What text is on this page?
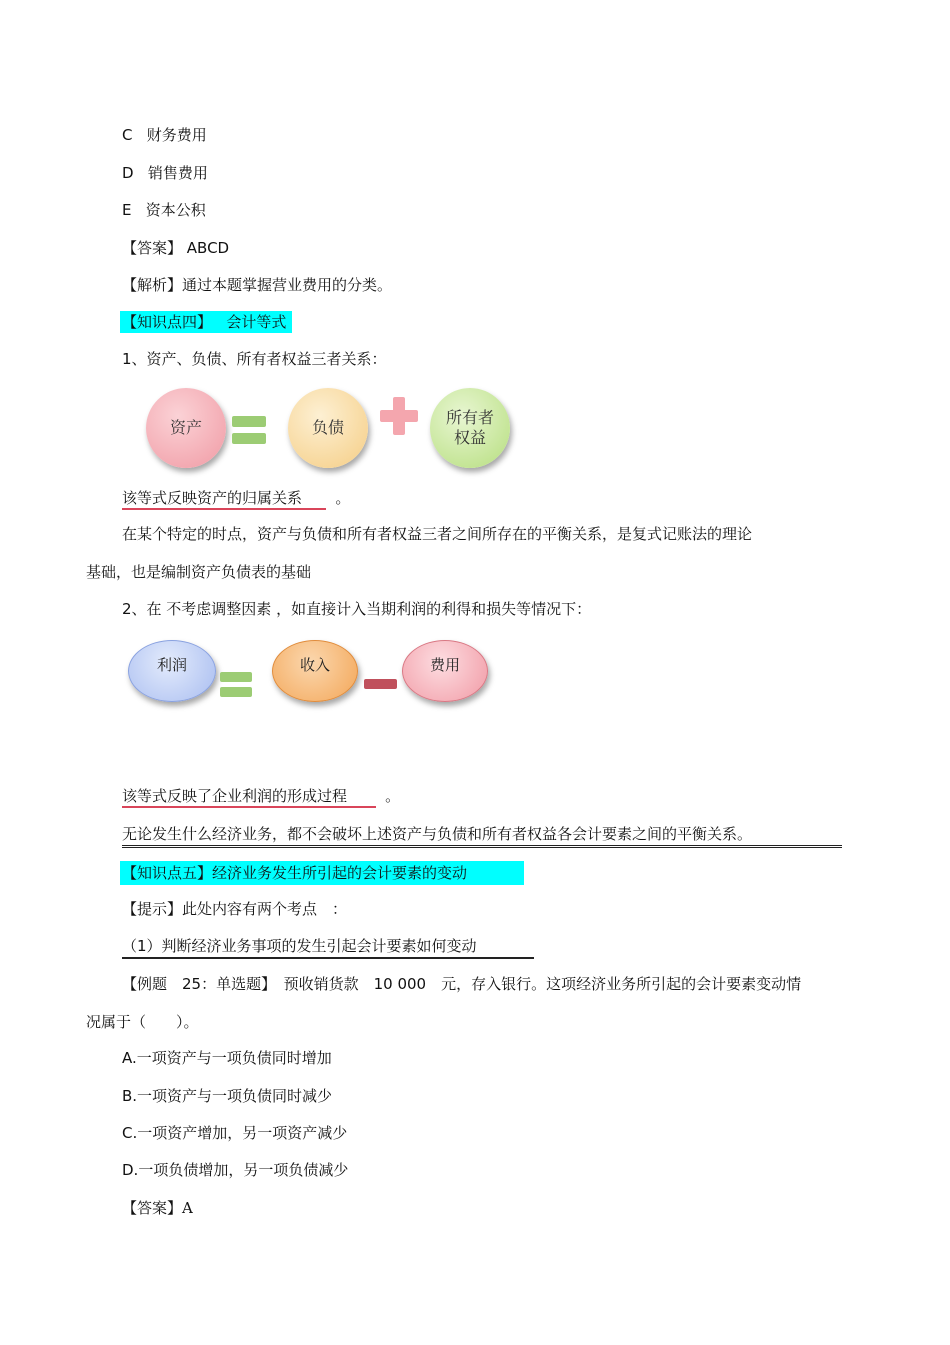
C 财务费用
D 销售费用
E 资本公积
【答案】 ABCD
【解析】通过本题掌握营业费用的分类。
【知识点四】 会计等式
1、资产、负债、所有者权益三者关系：
资产	负债
所有者
权益
该等式反映资产的归属关系 。
在某个特定的时点，资产与负债和所有者权益三者之间所存在的平衡关系，是复式记账法的理论
基础，也是编制资产负债表的基础
2、在 不考虑调整因素 ，如直接计入当期利润的利得和损失等情况下：
利润	收入	费用
该等式反映了企业利润的形成过程	。
无论发生什么经济业务，都不会破坏上述资产与负债和所有者权益各会计要素之间的平衡关系。
【知识点五】经济业务发生所引起的会计要素的变动
【提示】此处内容有两个考点　：
（1）判断经济业务事项的发生引起会计要素如何变动
【例题　25：单选题】　预收销货款　10 000　元，存入银行。这项经济业务所引起的会计要素变动情
况属于（　　）。
A.一项资产与一项负债同时增加
B.一项资产与一项负债同时减少
C.一项资产增加，另一项资产减少
D.一项负债增加，另一项负债减少
【答案】A
